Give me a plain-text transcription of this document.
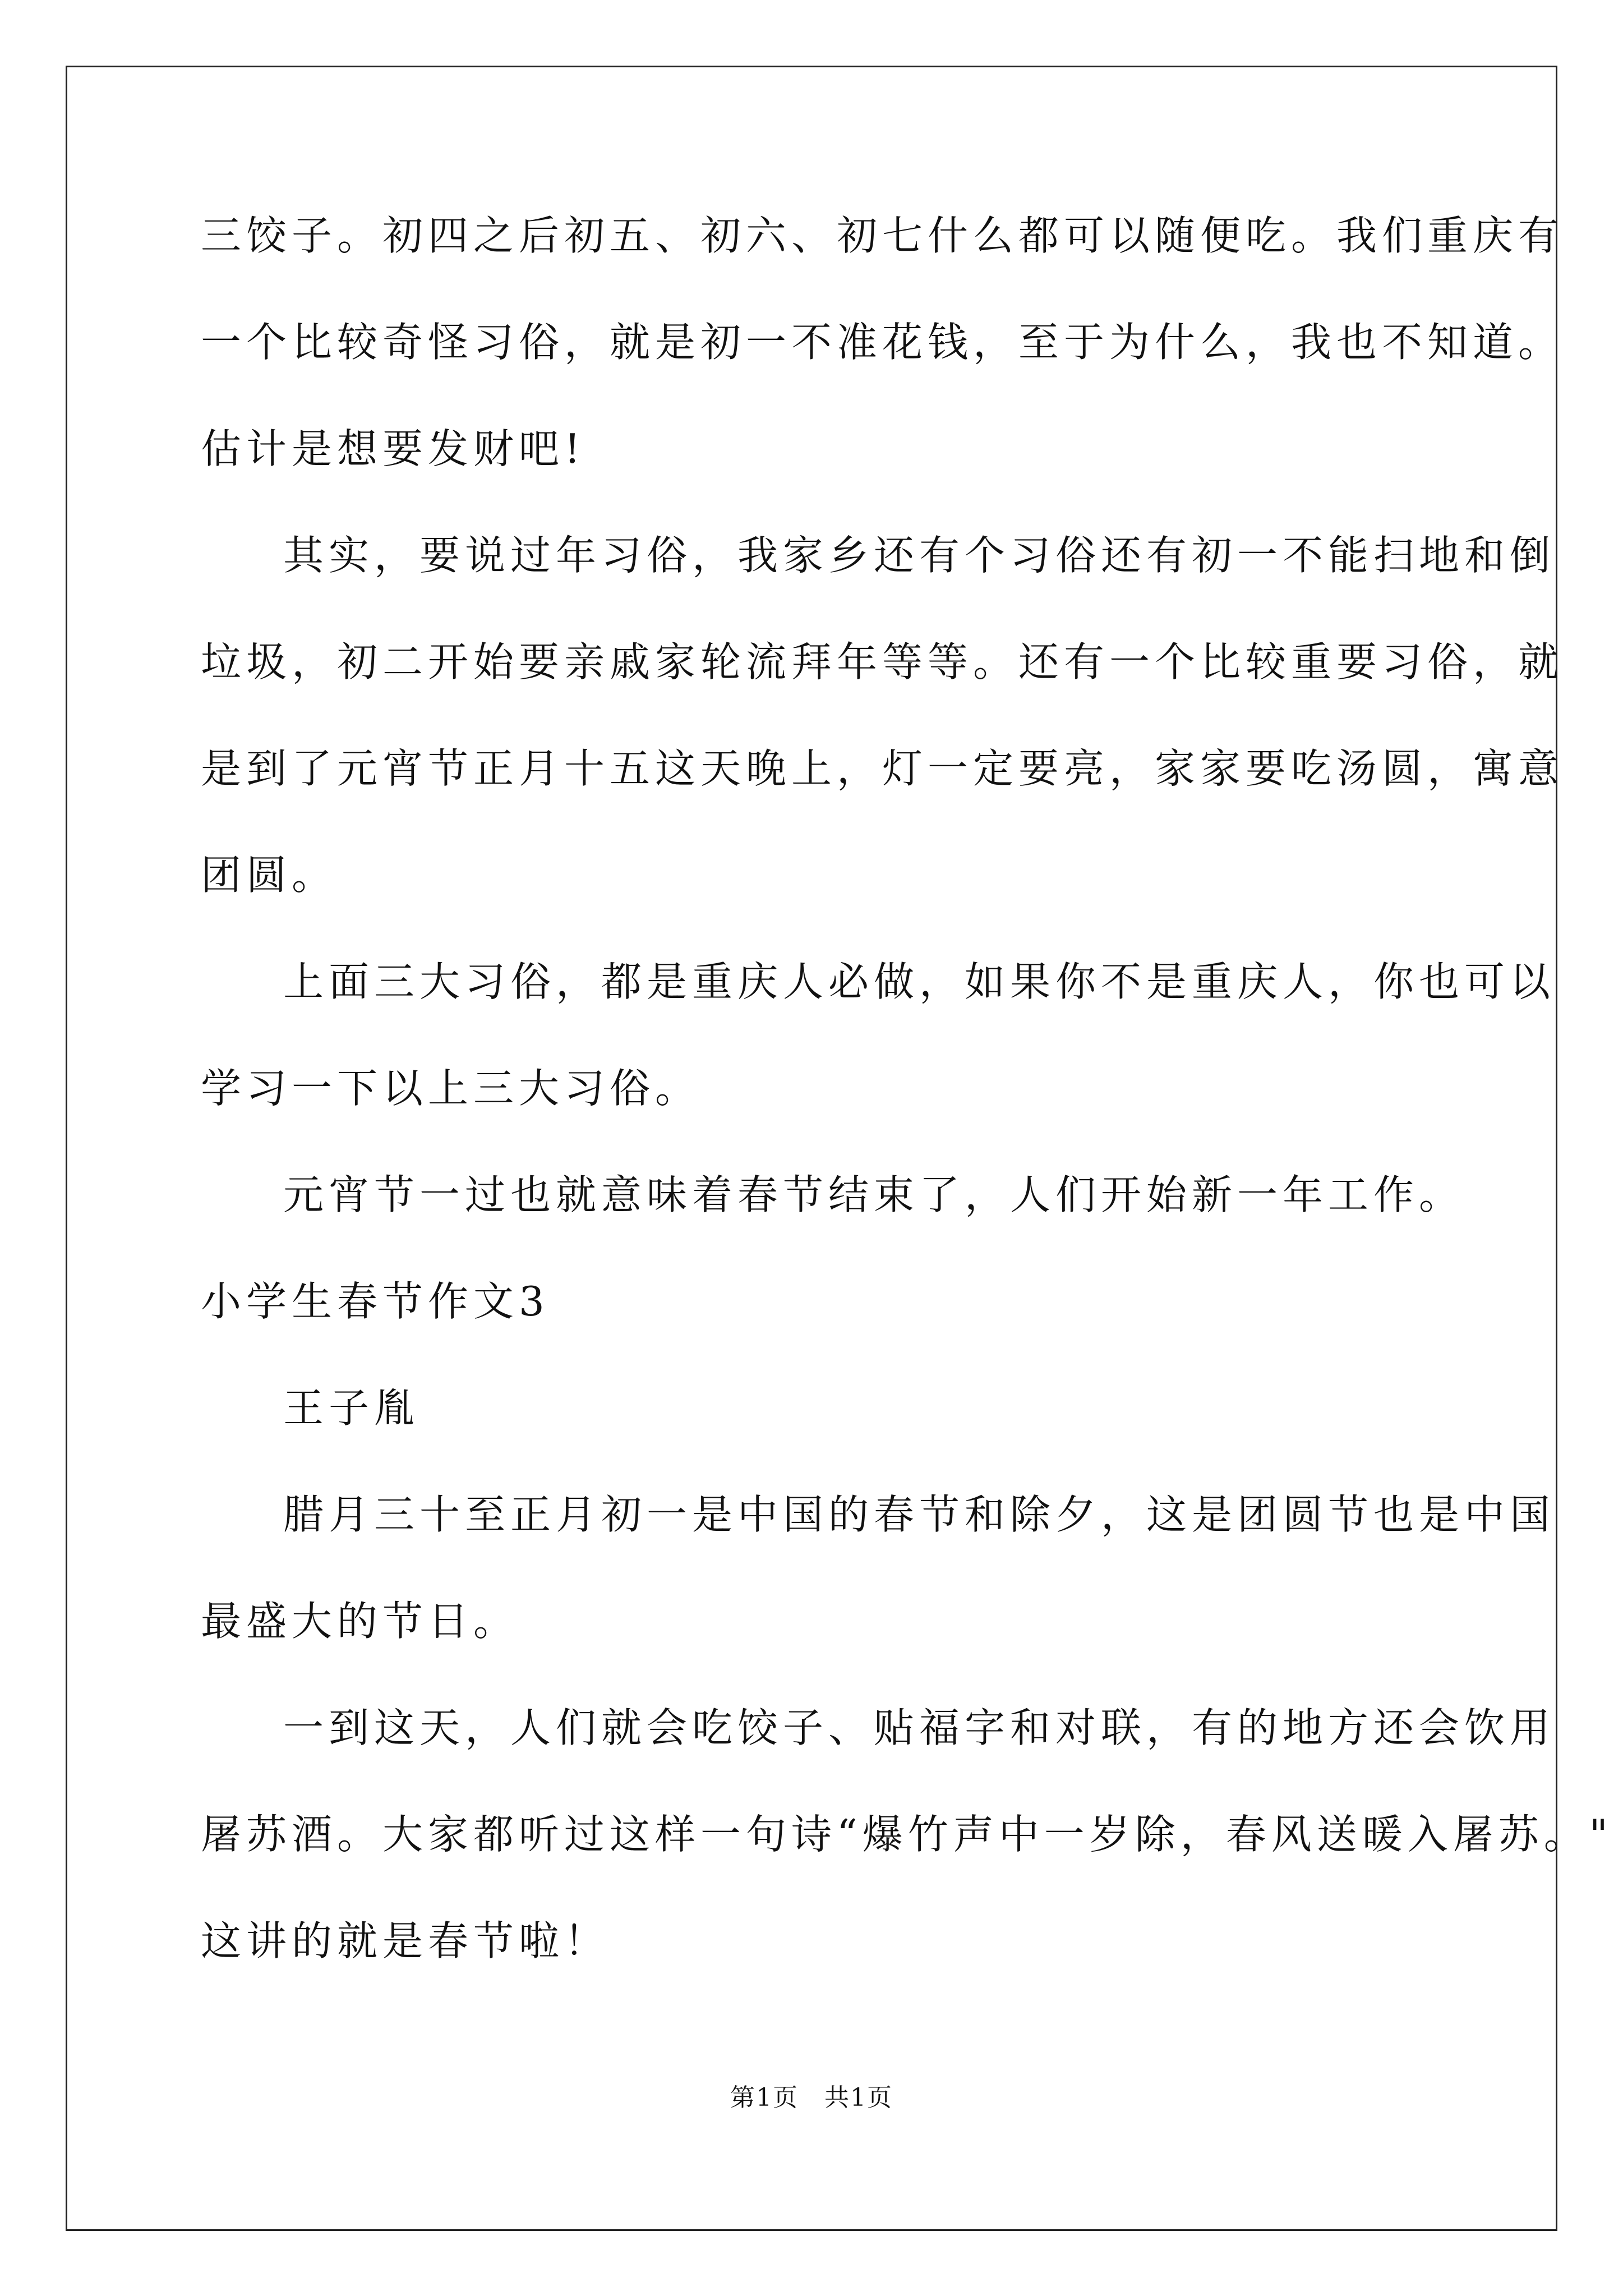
三饺子。初四之后初五、初六、初七什么都可以随便吃。我们重庆有
一个比较奇怪习俗，就是初一不准花钱，至于为什么，我也不知道。
估计是想要发财吧!
其实，要说过年习俗，我家乡还有个习俗还有初一不能扫地和倒
垃圾，初二开始要亲戚家轮流拜年等等。还有一个比较重要习俗，就
是到了元宵节正月十五这天晚上，灯一定要亮，家家要吃汤圆，寓意
团圆。
上面三大习俗，都是重庆人必做，如果你不是重庆人，你也可以
学习一下以上三大习俗。
元宵节一过也就意味着春节结束了，人们开始新一年工作。
小学生春节作文3
王子胤
腊月三十至正月初一是中国的春节和除夕，这是团圆节也是中国
最盛大的节日。
一到这天，人们就会吃饺子、贴福字和对联，有的地方还会饮用
屠苏酒。大家都听过这样一句诗“爆竹声中一岁除，春风送暖入屠苏。"
这讲的就是春节啦！
第1页　共1页
